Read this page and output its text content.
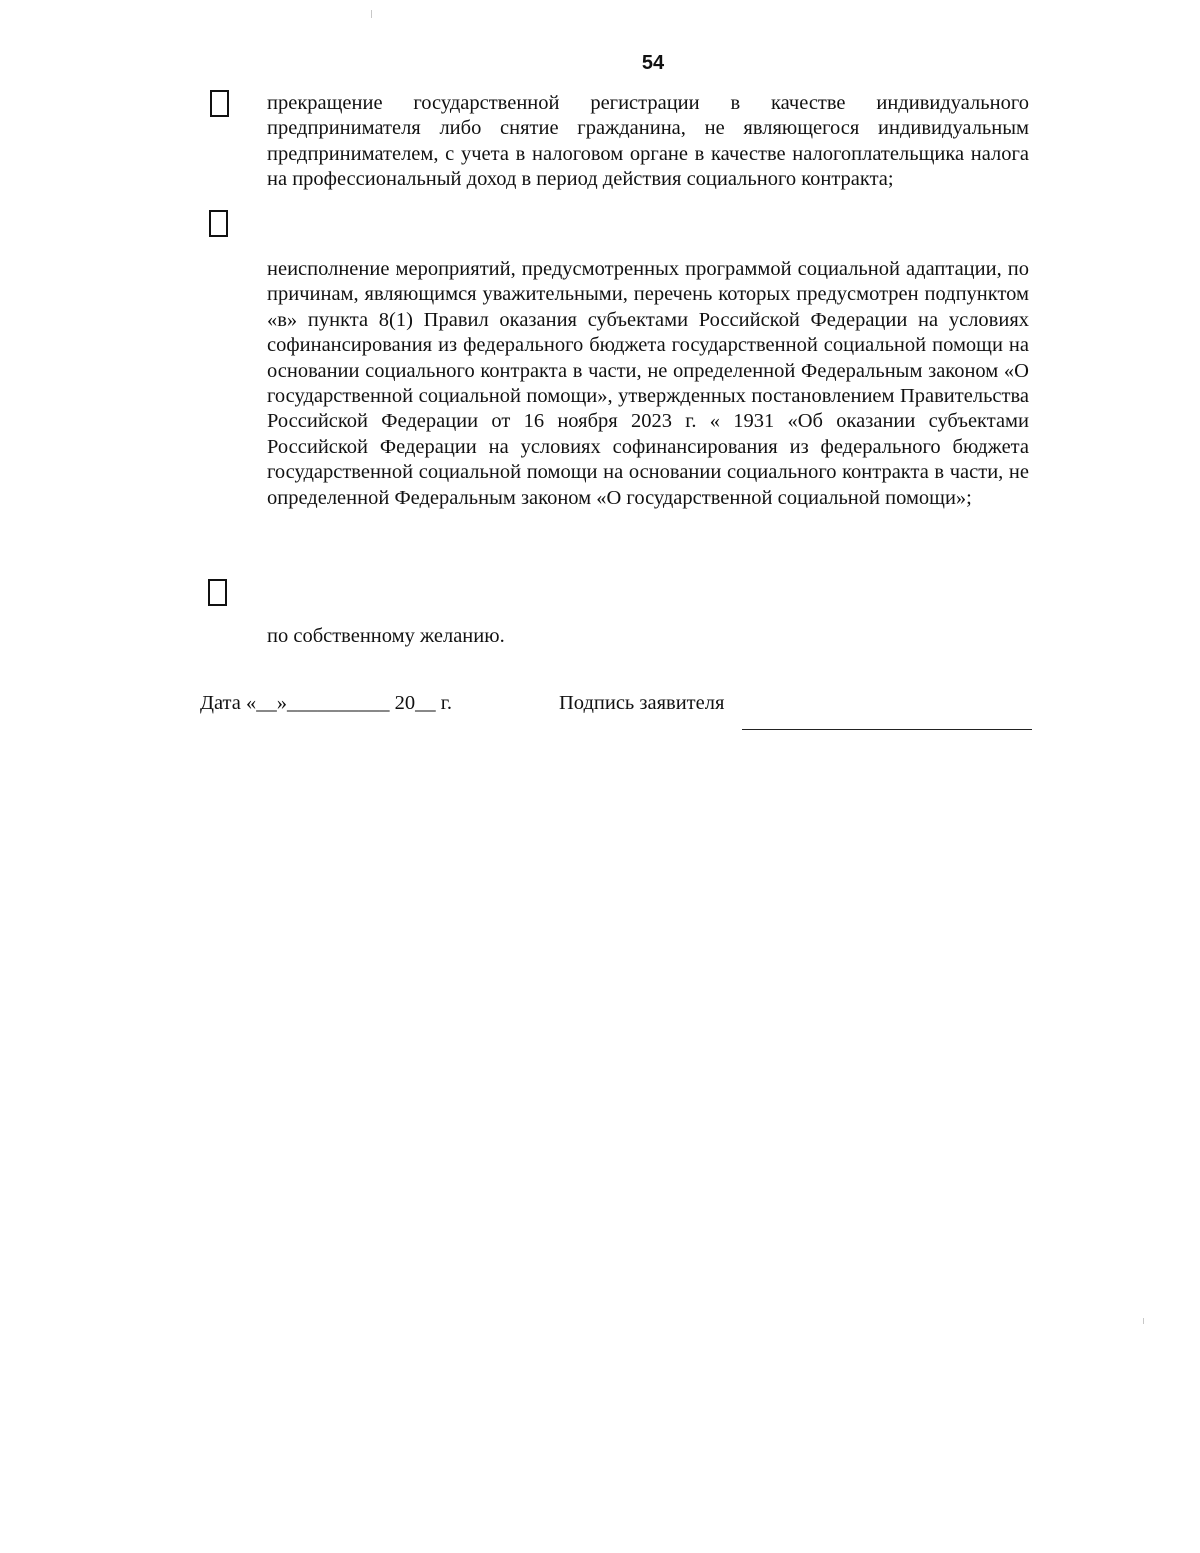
54

прекращение государственной регистрации в качестве индивидуального предпринимателя либо снятие гражданина, не являющегося индивидуальным предпринимателем, с учета в налоговом органе в качестве налогоплательщика налога на профессиональный доход в период действия социального контракта;

неисполнение мероприятий, предусмотренных программой социальной адаптации, по причинам, являющимся уважительными, перечень которых предусмотрен подпунктом «в» пункта 8(1) Правил оказания субъектами Российской Федерации на условиях софинансирования из федерального бюджета государственной социальной помощи на основании социального контракта в части, не определенной Федеральным законом «О государственной социальной помощи», утвержденных постановлением Правительства Российской Федерации от 16 ноября 2023 г. « 1931 «Об оказании субъектами Российской Федерации на условиях софинансирования из федерального бюджета государственной социальной помощи на основании социального контракта в части, не определенной Федеральным законом «О государственной социальной помощи»;

по собственному желанию.

Дата «__»__________ 20__ г.	Подпись заявителя
